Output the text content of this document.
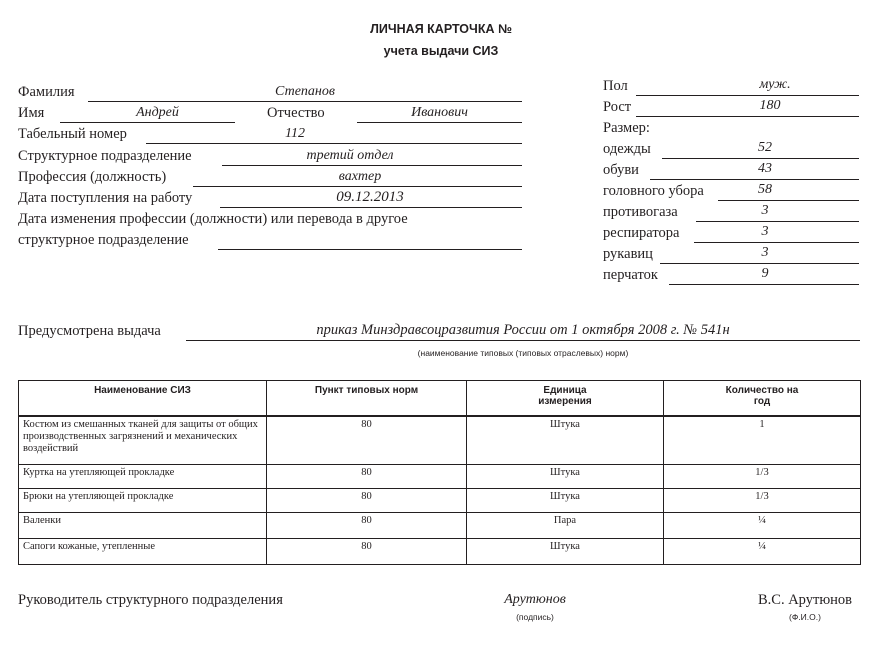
ЛИЧНАЯ КАРТОЧКА №
учета выдачи СИЗ
Фамилия	Степанов
Имя	Андрей	Отчество	Иванович
Табельный номер	112
Структурное подразделение	третий отдел
Профессия (должность)	вахтер
Дата поступления на работу	09.12.2013
Дата изменения профессии (должности) или перевода в другое
структурное подразделение
Пол	муж.
Рост	180
Размер:
одежды	52
обуви	43
головного убора	58
противогаза	3
респиратора	3
рукавиц	3
перчаток	9
Предусмотрена выдача	приказ Минздравсоцразвития России от 1 октября 2008 г. № 541н
(наименование типовых (типовых отраслевых) норм)
Наименование СИЗ	Пункт типовых норм	Единица измерения	Количество на год
Костюм из смешанных тканей для защиты от общих производственных загрязнений и механических воздействий	80	Штука	1
Куртка на утепляющей прокладке	80	Штука	1/3
Брюки на утепляющей прокладке	80	Штука	1/3
Валенки	80	Пара	¼
Сапоги кожаные, утепленные	80	Штука	¼
Руководитель структурного подразделения	Арутюнов
(подпись)
В.С. Арутюнов
(Ф.И.О.)
